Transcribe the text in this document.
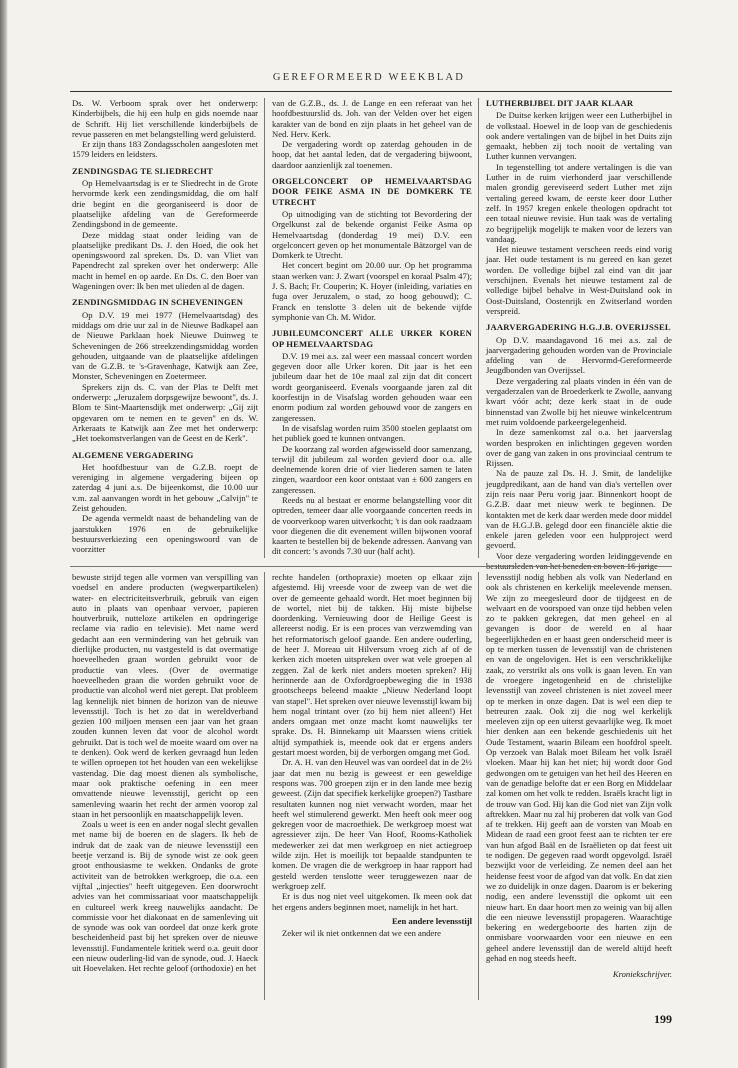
GEREFORMEERD WEEKBLAD

Ds. W. Verboom sprak over het onderwerp: Kinderbijbels, die hij een hulp en gids noemde naar de Schrift. Hij liet verschillende kinderbijbels de revue passeren en met belangstelling werd geluisterd.

Er zijn thans 183 Zondagsscholen aangesloten met 1579 leiders en leidsters.

ZENDINGSDAG TE SLIEDRECHT

Op Hemelvaartsdag is er te Sliedrecht in de Grote hervormde kerk een zendingsmiddag, die om half drie begint en die georganiseerd is door de plaatselijke afdeling van de Gereformeerde Zendingsbond in de gemeente.

Deze middag staat onder leiding van de plaatselijke predikant Ds. J. den Hoed, die ook het openingswoord zal spreken. Ds. D. van Vliet van Papendrecht zal spreken over het onderwerp: Alle macht in hemel en op aarde. En Ds. C. den Boer van Wageningen over: Ik ben met ulieden al de dagen.

ZENDINGSMIDDAG IN SCHEVENINGEN

Op D.V. 19 mei 1977 (Hemelvaartsdag) des middags om drie uur zal in de Nieuwe Badkapel aan de Nieuwe Parklaan hoek Nieuwe Duinweg te Scheveningen de 266 streekzendingsmiddag worden gehouden, uitgaande van de plaatselijke afdelingen van de G.Z.B. te 's-Gravenhage, Katwijk aan Zee, Monster, Scheveningen en Zoetermeer.

Sprekers zijn ds. C. van der Plas te Delft met onderwerp: „Jeruzalem dorpsgewijze bewoont", ds. J. Blom te Sint-Maartensdijk met onderwerp: „Gij zijt opgevaren om te nemen en te geven" en ds. W. Arkeraats te Katwijk aan Zee met het onderwerp: „Het toekomstverlangen van de Geest en de Kerk".

ALGEMENE VERGADERING

Het hoofdbestuur van de G.Z.B. roept de vereniging in algemene vergadering bijeen op zaterdag 4 juni a.s. De bijeenkomst, die 10.00 uur v.m. zal aanvangen wordt in het gebouw „Calvijn" te Zeist gehouden.

De agenda vermeldt naast de behandeling van de jaarstukken 1976 en de gebruikelijke bestuursverkiezing een openingswoord van de voorzitter

van de G.Z.B., ds. J. de Lange en een referaat van het hoofdbestuurslid ds. Joh. van der Velden over het eigen karakter van de bond en zijn plaats in het geheel van de Ned. Herv. Kerk.

De vergadering wordt op zaterdag gehouden in de hoop, dat het aantal leden, dat de vergadering bijwoont, daardoor aanzienlijk zal toenemen.

ORGELCONCERT OP HEMELVAARTSDAG DOOR FEIKE ASMA IN DE DOMKERK TE UTRECHT

Op uitnodiging van de stichting tot Bevordering der Orgelkunst zal de bekende organist Feike Asma op Hemelvaartsdag (donderdag 19 mei) D.V. een orgelconcert geven op het monumentale Bätzorgel van de Domkerk te Utrecht.

Het concert begint om 20.00 uur. Op het programma staan werken van: J. Zwart (voorspel en koraal Psalm 47); J. S. Bach; Fr. Couperin; K. Hoyer (inleiding, variaties en fuga over Jeruzalem, o stad, zo hoog gebouwd); C. Franck en tenslotte 3 delen uit de bekende vijfde symphonie van Ch. M. Widor.

JUBILEUMCONCERT ALLE URKER KOREN OP HEMELVAARTSDAG

D.V. 19 mei a.s. zal weer een massaal concert worden gegeven door alle Urker koren. Dit jaar is het een jubileum daar het de 10e maal zal zijn dat dit concert wordt georganiseerd. Evenals voorgaande jaren zal dit koorfestijn in de Visafslag worden gehouden waar een enorm podium zal worden gebouwd voor de zangers en zangeressen.

In de visafslag worden ruim 3500 stoelen geplaatst om het publiek goed te kunnen ontvangen.

De koorzang zal worden afgewisseld door samenzang, terwijl dit jubileum zal worden gevierd door o.a. alle deelnemende koren drie of vier liederen samen te laten zingen, waardoor een koor ontstaat van ± 600 zangers en zangeressen.

Reeds nu al bestaat er enorme belangstelling voor dit optreden, temeer daar alle voorgaande concerten reeds in de voorverkoop waren uitverkocht; 't is dan ook raadzaam voor diegenen die dit evenement willen bijwonen vooraf kaarten te bestellen bij de bekende adressen. Aanvang van dit concert: 's avonds 7.30 uur (half acht).

LUTHERBIJBEL DIT JAAR KLAAR

De Duitse kerken krijgen weer een Lutherbijbel in de volkstaal. Hoewel in de loop van de geschiedenis ook andere vertalingen van de bijbel in het Duits zijn gemaakt, hebben zij toch nooit de vertaling van Luther kunnen vervangen.

In tegenstelling tot andere vertalingen is die van Luther in de ruim vierhonderd jaar verschillende malen grondig gereviseerd sedert Luther met zijn vertaling gereed kwam, de eerste keer door Luther zelf. In 1957 kregen enkele theologen opdracht tot een totaal nieuwe revisie. Hun taak was de vertaling zo begrijpelijk mogelijk te maken voor de lezers van vandaag.

Het nieuwe testament verscheen reeds eind vorig jaar. Het oude testament is nu gereed en kan gezet worden. De volledige bijbel zal eind van dit jaar verschijnen. Evenals het nieuwe testament zal de volledige bijbel behalve in West-Duitsland ook in Oost-Duitsland, Oostenrijk en Zwitserland worden verspreid.

JAARVERGADERING H.G.J.B. OVERIJSSEL

Op D.V. maandagavond 16 mei a.s. zal de jaarvergadering gehouden worden van de Provinciale afdeling van de Hervormd-Gereformeerde Jeugdbonden van Overijssel.

Deze vergadering zal plaats vinden in één van de vergaderzalen van de Broederkerk te Zwolle, aanvang kwart vóór acht; deze kerk staat in de oude binnenstad van Zwolle bij het nieuwe winkelcentrum met ruim voldoende parkeergelegenheid.

In deze samenkomst zal o.a. het jaarverslag worden besproken en inlichtingen gegeven worden over de gang van zaken in ons provinciaal centrum te Rijssen.

Na de pauze zal Ds. H. J. Smit, de landelijke jeugdpredikant, aan de hand van dia's vertellen over zijn reis naar Peru vorig jaar. Binnenkort hoopt de G.Z.B. daar met nieuw werk te beginnen. De kontakten met de kerk daar werden mede door middel van de H.G.J.B. gelegd door een financiële aktie die enkele jaren geleden voor een hulpproject werd gevoerd.

Voor deze vergadering worden leidinggevende en bestuursleden van het beneden en boven 16-jarige

bewuste strijd tegen alle vormen van verspilling van voedsel en andere producten (wegwerpartikelen) water- en electriciteitsverbruik, gebruik van eigen auto in plaats van openbaar vervoer, papieren houtverbruik, nutteloze artikelen en opdringerige reclame via radio en televisie). Met name werd gedacht aan een vermindering van het gebruik van dierlijke producten, nu vastgesteld is dat overmatige hoeveelheden graan worden gebruikt voor de productie van vlees. (Over de overmatige hoeveelheden graan die worden gebruikt voor de productie van alcohol werd niet gerept. Dat probleem lag kennelijk niet binnen de horizon van de nieuwe levensstijl. Toch is het zo dat in wereldverband gezien 100 miljoen mensen een jaar van het graan zouden kunnen leven dat voor de alcohol wordt gebruikt. Dat is toch wel de moeite waard om over na te denken). Ook werd de kerken gevraagd hun leden te willen oproepen tot het houden van een wekelijkse vastendag. Die dag moest dienen als symbolische, maar ook praktische oefening in een meer omvattende nieuwe levensstijl, gericht op een samenleving waarin het recht der armen voorop zal staan in het persoonlijk en maatschappelijk leven.

Zoals u weet is een en ander nogal slecht gevallen met name bij de boeren en de slagers. Ik heb de indruk dat de zaak van de nieuwe levensstijl een beetje verzand is. Bij de synode wist ze ook geen groot enthousiasme te wekken. Ondanks de grote activiteit van de betrokken werkgroep, die o.a. een vijftal „injecties" heeft uitgegeven. Een doorwrocht advies van het commissariaat voor maatschappelijk en cultureel werk kreeg nauwelijks aandacht. De commissie voor het diakonaat en de samenleving uit de synode was ook van oordeel dat onze kerk grote bescheidenheid past bij het spreken over de nieuwe levensstijl. Fundamentele kritiek werd o.a. geuit door een nieuw ouderling-lid van de synode, oud. J. Haeck uit Hoevelaken. Het rechte geloof (orthodoxie) en het

rechte handelen (orthopraxie) moeten op elkaar zijn afgestemd. Hij vreesde voor de zweep van de wet die over de gemeente gehaald wordt. Het moet beginnen bij de wortel, niet bij de takken. Hij miste bijbelse doordenking. Vernieuwing door de Heilige Geest is allereerst nodig. Er is een proces van verzwemding van het reformatorisch geloof gaande. Een andere ouderling, de heer J. Moreau uit Hilversum vroeg zich af of de kerken zich moeten uitspreken over wat vele groepen al zeggen. Zal de kerk niet anders moeten spreken? Hij herinnerde aan de Oxfordgroepbeweging die in 1938 grootscheeps beleend maakte „Nieuw Nederland loopt van stapel". Het spreken over nieuwe levensstijl kwam bij hem nogal trintant over (zo bij hem niet alleen!) Het anders omgaan met onze macht komt nauwelijks ter sprake. Ds. H. Binnekamp uit Maarssen wiens critiek altijd sympathiek is, meende ook dat er ergens anders gestart moest worden, bij de verborgen omgang met God.

Dr. A. H. van den Heuvel was van oordeel dat in de 2½ jaar dat men nu bezig is geweest er een geweldige respons was. 700 groepen zijn er in den lande mee bezig geweest. (Zijn dat specifiek kerkelijke groepen?) Tastbare resultaten kunnen nog niet verwacht worden, maar het heeft wel stimulerend gewerkt. Men heeft ook meer oog gekregen voor de macroethiek. De werkgroep moest wat agressiever zijn. De heer Van Hoof, Rooms-Katholiek medewerker zei dat men werkgroep en niet actiegroep wilde zijn. Het is moeilijk tot bepaalde standpunten te komen. De vragen die de werkgroep in haar rapport had gesteld werden tenslotte weer teruggewezen naar de werkgroep zelf.

Er is dus nog niet veel uitgekomen. Ik meen ook dat het ergens anders beginnen moet, namelijk in het hart.

Een andere levensstijl

Zeker wil ik niet ontkennen dat we een andere

levensstijl nodig hebben als volk van Nederland en ook als christenen en kerkelijk meelevende mensen. We zijn zo meegesleurd door de tijdgeest en de welvaart en de voorspoed van onze tijd hebben velen zo te pakken gekregen, dat men geheel en al gevangen is door de wereld en al haar begeerlijkheden en er haast geen onderscheid meer is op te merken tussen de levensstijl van de christenen en van de ongelovigen. Het is een verschrikkelijke zaak, zo verstrikt als ons volk is gaan leven. En van de vroegere ingetogenheid en de christelijke levensstijl van zoveel christenen is niet zoveel meer op te merken in onze dagen. Dat is wel een diep te betreuren zaak. Ook zij die nog wel kerkelijk meeleven zijn op een uiterst gevaarlijke weg. Ik moet hier denken aan een bekende geschiedenis uit het Oude Testament, waarin Bileam een hoofdrol speelt. Op verzoek van Balak moet Bileam het volk Israël vloeken. Maar hij kan het niet; hij wordt door God gedwongen om te getuigen van het heil des Heeren en van de genadige belofte dat er een Borg en Middelaar zal komen om het volk te redden. Israëls kracht ligt in de trouw van God. Hij kan die God niet van Zijn volk aftrekken. Maar nu zal hij proberen dat volk van God af te trekken. Hij geeft aan de vorsten van Moab en Midean de raad een groot feest aan te richten ter ere van hun afgod Baäl en de Israëlieten op dat feest uit te nodigen. De gegeven raad wordt opgevolgd. Israël bezwijkt voor de verleiding. Ze nemen deel aan het heidense feest voor de afgod van dat volk. En dat zien we zo duidelijk in onze dagen. Daarom is er bekering nodig, een andere levensstijl die opkomt uit een nieuw hart. En daar hoort men zo weinig van bij allen die een nieuwe levensstijl propageren. Waarachtige bekering en wedergeboorte des harten zijn de onmisbare voorwaarden voor een nieuwe en een geheel andere levensstijl dan de wereld altijd heeft gehad en nog steeds heeft.

Kroniekschrijver.

199
